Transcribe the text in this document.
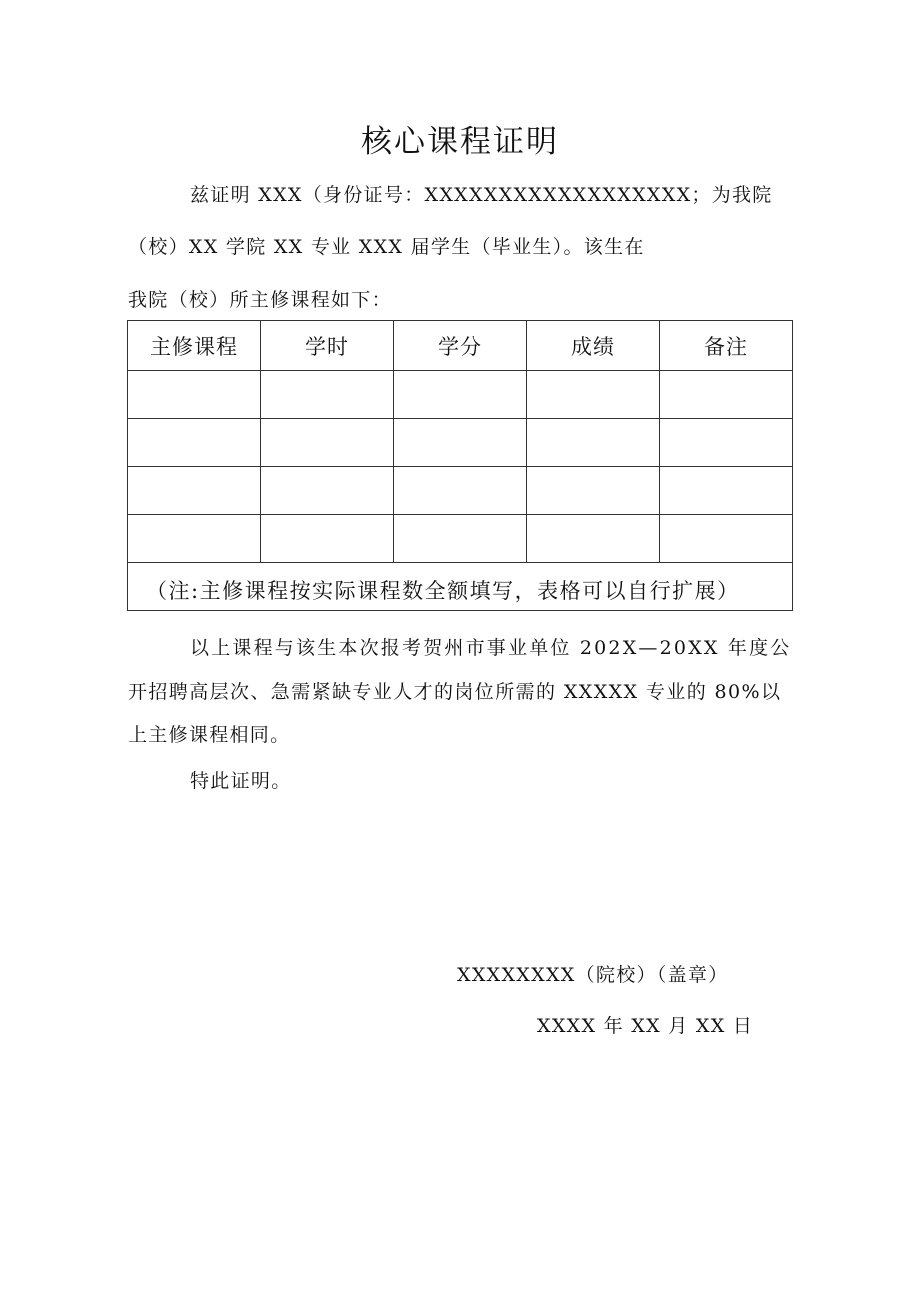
核心课程证明
兹证明 XXX（身份证号：XXXXXXXXXXXXXXXXXX；为我院
（校）XX 学院 XX 专业 XXX 届学生（毕业生）。该生在
我院（校）所主修课程如下：
主修课程	学时	学分	成绩	备注

（注:主修课程按实际课程数全额填写，表格可以自行扩展）				
以上课程与该生本次报考贺州市事业单位 202X—20XX 年度公
开招聘高层次、急需紧缺专业人才的岗位所需的 XXXXX 专业的 80%以
上主修课程相同。
特此证明。
XXXXXXXX（院校）（盖章）
XXXX 年 XX 月 XX 日
